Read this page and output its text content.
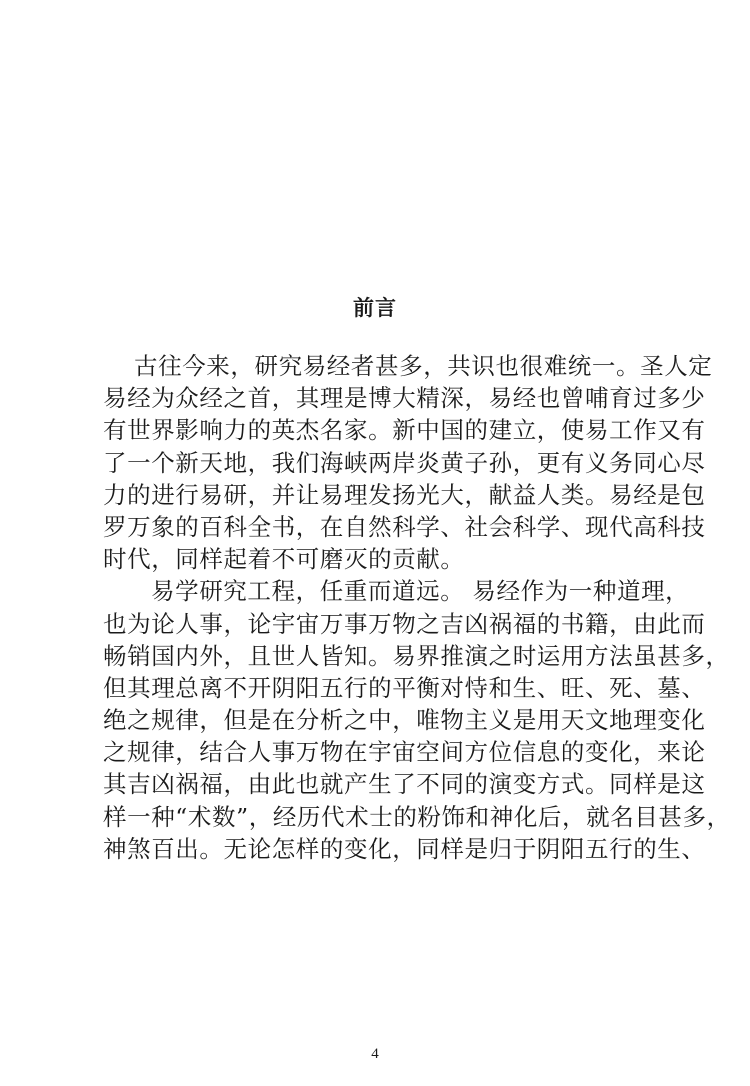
前言
古往今来，研究易经者甚多，共识也很难统一。圣人定
易经为众经之首，其理是博大精深，易经也曾哺育过多少
有世界影响力的英杰名家。新中国的建立，使易工作又有
了一个新天地，我们海峡两岸炎黄子孙，更有义务同心尽
力的进行易研，并让易理发扬光大，献益人类。易经是包
罗万象的百科全书，在自然科学、社会科学、现代高科技
时代，同样起着不可磨灭的贡献。
易学研究工程，任重而道远。 易经作为一种道理，
也为论人事，论宇宙万事万物之吉凶祸福的书籍，由此而
畅销国内外，且世人皆知。易界推演之时运用方法虽甚多，
但其理总离不开阴阳五行的平衡对恃和生、旺、死、墓、
绝之规律，但是在分析之中，唯物主义是用天文地理变化
之规律，结合人事万物在宇宙空间方位信息的变化，来论
其吉凶祸福，由此也就产生了不同的演变方式。同样是这
样一种“术数”，经历代术士的粉饰和神化后，就名目甚多，
神煞百出。无论怎样的变化，同样是归于阴阳五行的生、
4
